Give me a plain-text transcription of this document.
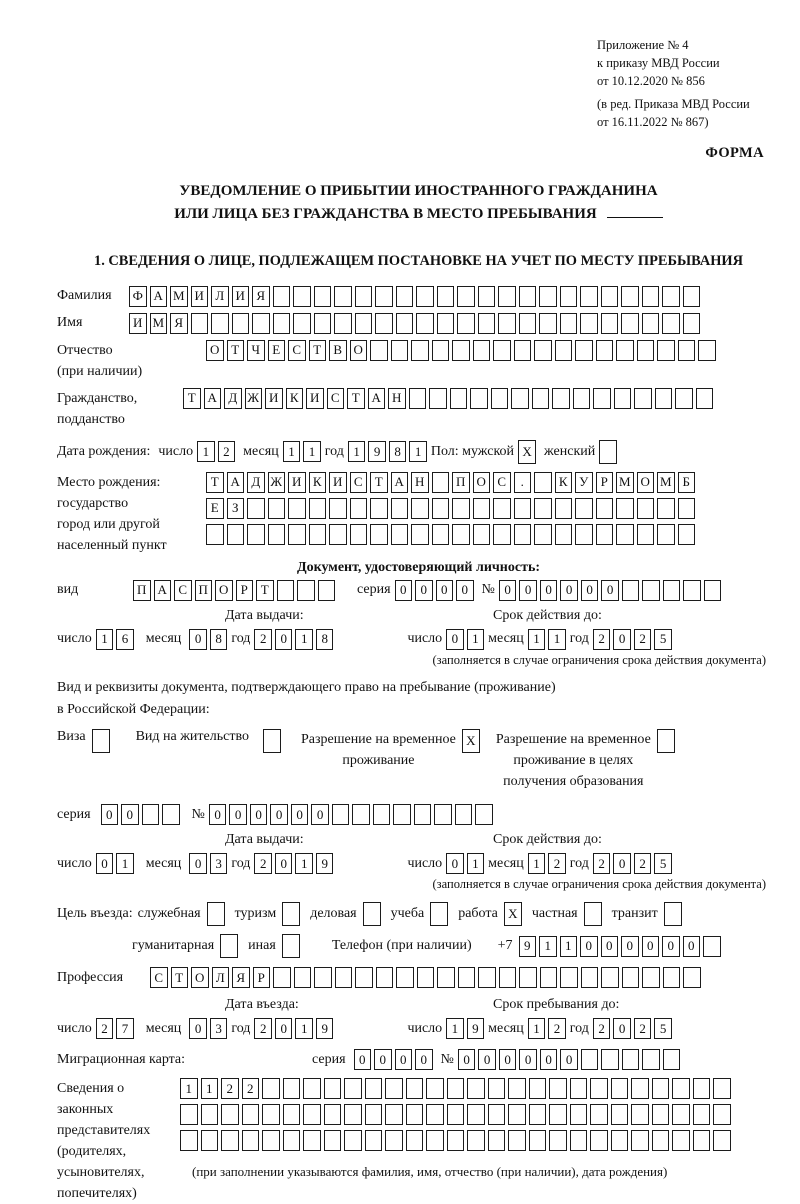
Приложение № 4
к приказу МВД России
от 10.12.2020 № 856
(в ред. Приказа МВД России
от 16.11.2022 № 867)
ФОРМА
УВЕДОМЛЕНИЕ О ПРИБЫТИИ ИНОСТРАННОГО ГРАЖДАНИНА
ИЛИ ЛИЦА БЕЗ ГРАЖДАНСТВА В МЕСТО ПРЕБЫВАНИЯ
1. СВЕДЕНИЯ О ЛИЦЕ, ПОДЛЕЖАЩЕМ ПОСТАНОВКЕ НА УЧЕТ ПО МЕСТУ ПРЕБЫВАНИЯ
Фамилия	Ф А М И Л И Я
Имя	И М Я
Отчество
(при наличии)
О Т Ч Е С Т В О
Гражданство,
подданство
Т А Д Ж И К И С Т А Н
Дата рождения: число 1	2 месяц 1	1 год 1	9	8	1 Пол: мужской X женский
Место рождения:
государство
город или другой
населенный пункт
Т А Д Ж И К И С Т А Н	П О С	.	К У Р М О М Б
Е	З
Документ, удостоверяющий личность:
вид	П А С П О Р Т	серия 0	0	0	0 № 0	0	0	0	0	0
Дата выдачи:	Срок действия до:
число 1	6	месяц	0	8 год 2	0	1	8	число 0	1 месяц 1	1 год 2	0	2	5
(заполняется в случае ограничения срока действия документа)
Вид и реквизиты документа, подтверждающего право на пребывание (проживание)
в Российской Федерации:
Виза	Вид на жительство	Разрешение на временное
проживание
X	Разрешение на временное
проживание в целях
получения образования
серия	0	0	№ 0	0	0	0	0	0
Дата выдачи:	Срок действия до:
число 0	1	месяц	0	3 год 2	0	1	9	число 0	1 месяц 1	2 год 2	0	2	5
(заполняется в случае ограничения срока действия документа)
Цель въезда: служебная туризм деловая учеба работа X	частная транзит
гуманитарная иная	Телефон (при наличии) +7 9	1	1	0	0	0	0	0	0
Профессия	С Т О Л Я Р
Дата въезда:	Срок пребывания до:
число 2	7	месяц	0	3 год 2	0	1	9	число 1	9 месяц 1	2 год 2	0	2	5
Миграционная карта:	серия	0	0	0	0 № 0	0	0	0	0	0
Сведения о
законных
представителях
(родителях,
усыновителях,
попечителях)
1	1	2	2
(при заполнении указываются фамилия, имя, отчество (при наличии), дата рождения)
